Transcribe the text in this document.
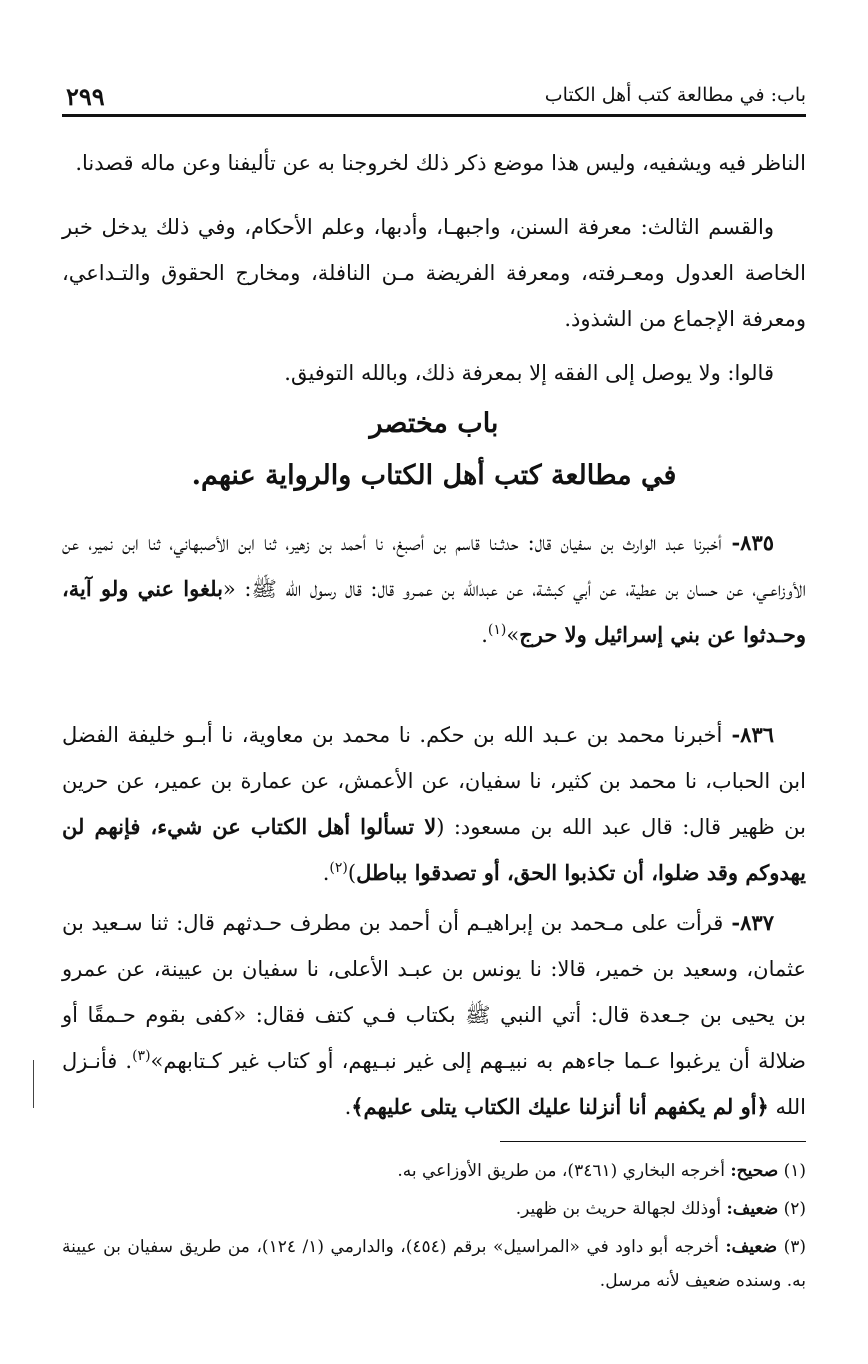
٢٩٩	باب: في مطالعة كتب أهل الكتاب
الناظر فيه ويشفيه، وليس هذا موضع ذكر ذلك لخروجنا به عن تأليفنا وعن ماله قصدنا.
والقسم الثالث: معرفة السنن، واجبهـا، وأدبها، وعلم الأحكام، وفي ذلك يدخل خبر الخاصة العدول ومعـرفته، ومعرفة الفريضة مـن النافلة، ومخارج الحقوق والتـداعي، ومعرفة الإجماع من الشذوذ.
قالوا: ولا يوصل إلى الفقه إلا بمعرفة ذلك، وبالله التوفيق.
باب مختصر
في مطالعة كتب أهل الكتاب والرواية عنهم.
٨٣٥- أخبرنا عبد الوارث بن سفيان قال: حدثـنا قاسم بن أصبغ، نا أحمد بن زهير، ثنا ابن الأصبهاني، ثنا ابن نمير، عن الأوزاعـي، عن حسان بن عطية، عن أبي كبشة، عن عبدالله بن عمـرو قال: قال رسول الله ﷺ: «بلغوا عني ولو آية، وحـدثوا عن بني إسرائيل ولا حرج»$^{(١)}$.
٨٣٦- أخبرنا محمد بن عـبد الله بن حكم. نا محمد بن معاوية، نا أبـو خليفة الفضل ابن الحباب، نا محمد بن كثير، نا سفيان، عن الأعمش، عن عمارة بن عمير، عن حرين بن ظهير قال: قال عبد الله بن مسعود: (لا تسألوا أهل الكتاب عن شيء، فإنهم لن يهدوكم وقد ضلوا، أن تكذبوا الحق، أو تصدقوا بباطل)$^{(٢)}$.
٨٣٧- قرأت على مـحمد بن إبراهيـم أن أحمد بن مطرف حـدثهم قال: ثنا سـعيد بن عثمان، وسعيد بن خمير، قالا: نا يونس بن عبـد الأعلى، نا سفيان بن عيينة، عن عمرو بن يحيى بن جـعدة قال: أتي النبي ﷺ بكتاب فـي كتف فقال: «كفى بقوم حـمقًا أو ضلالة أن يرغبوا عـما جاءهم به نبيـهم إلى غير نبـيهم، أو كتاب غير كـتابهم»$^{(٣)}$. فأنـزل الله ﴿أو لم يكفهم أنا أنزلنا عليك الكتاب يتلى عليهم﴾.
(١) صحيح: أخرجه البخاري (٣٤٦١)، من طريق الأوزاعي به.
(٢) ضعيف: أوذلك لجهالة حريث بن ظهير.
(٣) ضعيف: أخرجه أبو داود في «المراسيل» برقم (٤٥٤)، والدارمي (١/ ١٢٤)، من طريق سفيان بن عيينة به. وسنده ضعيف لأنه مرسل.
